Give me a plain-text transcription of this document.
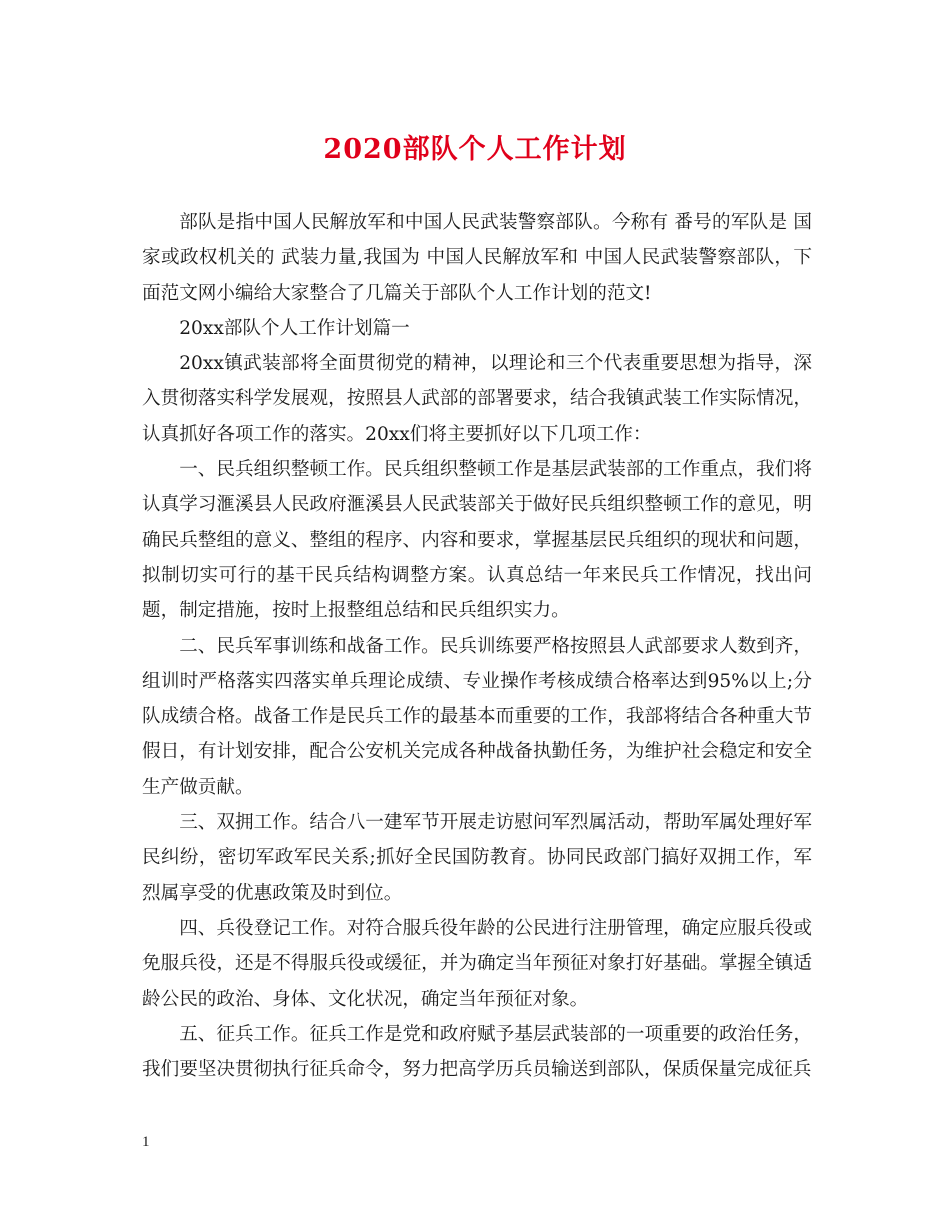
2020部队个人工作计划

部队是指中国人民解放军和中国人民武装警察部队。今称有 番号的军队是 国家或政权机关的 武装力量,我国为 中国人民解放军和 中国人民武装警察部队，下面范文网小编给大家整合了几篇关于部队个人工作计划的范文!

20xx部队个人工作计划篇一

20xx镇武装部将全面贯彻党的精神，以理论和三个代表重要思想为指导，深入贯彻落实科学发展观，按照县人武部的部署要求，结合我镇武装工作实际情况，认真抓好各项工作的落实。20xx们将主要抓好以下几项工作：

一、民兵组织整顿工作。民兵组织整顿工作是基层武装部的工作重点，我们将认真学习滙溪县人民政府滙溪县人民武装部关于做好民兵组织整顿工作的意见，明确民兵整组的意义、整组的程序、内容和要求，掌握基层民兵组织的现状和问题，拟制切实可行的基干民兵结构调整方案。认真总结一年来民兵工作情况，找出问题，制定措施，按时上报整组总结和民兵组织实力。

二、民兵军事训练和战备工作。民兵训练要严格按照县人武部要求人数到齐，组训时严格落实四落实单兵理论成绩、专业操作考核成绩合格率达到95%以上;分队成绩合格。战备工作是民兵工作的最基本而重要的工作，我部将结合各种重大节假日，有计划安排，配合公安机关完成各种战备执勤任务，为维护社会稳定和安全生产做贡献。

三、双拥工作。结合八一建军节开展走访慰问军烈属活动，帮助军属处理好军民纠纷，密切军政军民关系;抓好全民国防教育。协同民政部门搞好双拥工作，军烈属享受的优惠政策及时到位。

四、兵役登记工作。对符合服兵役年龄的公民进行注册管理，确定应服兵役或免服兵役，还是不得服兵役或缓征，并为确定当年预征对象打好基础。掌握全镇适龄公民的政治、身体、文化状况，确定当年预征对象。

五、征兵工作。征兵工作是党和政府赋予基层武装部的一项重要的政治任务，我们要坚决贯彻执行征兵命令，努力把高学历兵员输送到部队，保质保量完成征兵

1
